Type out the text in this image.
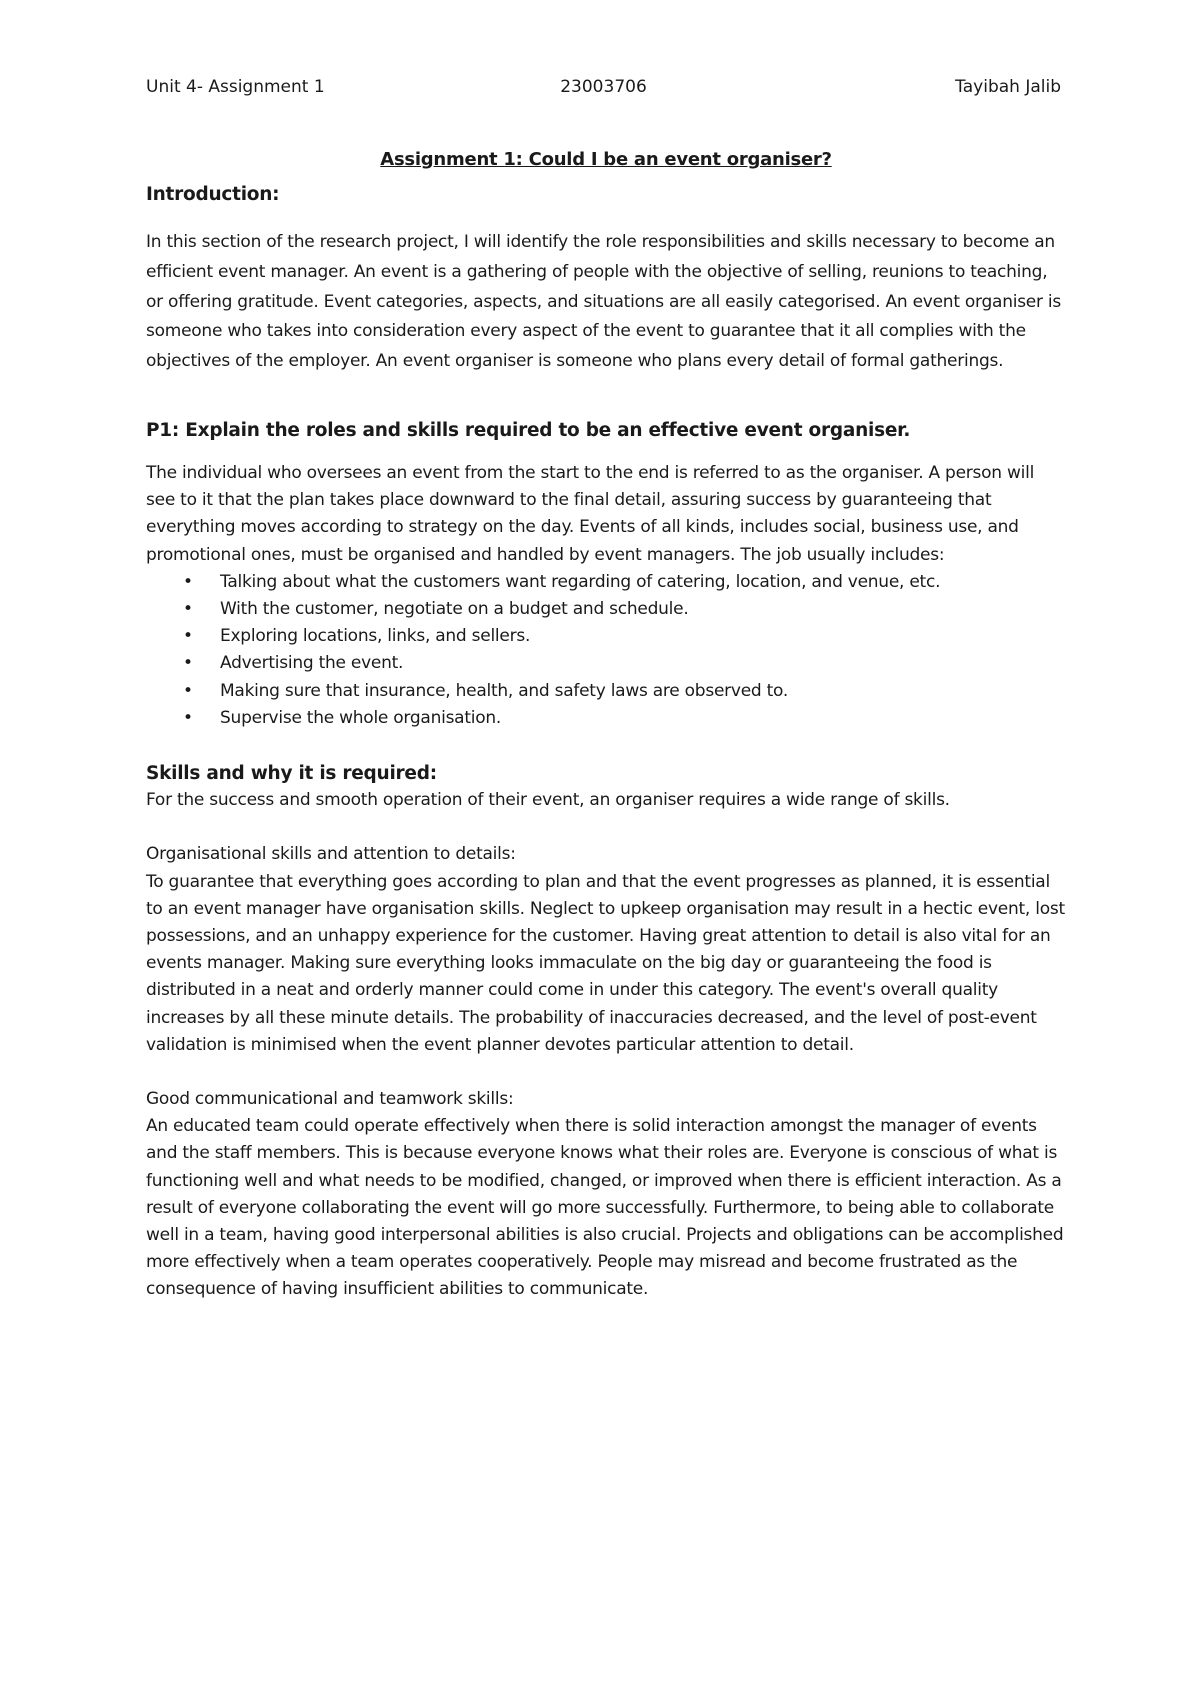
Unit 4- Assignment 1	23003706	Tayibah Jalib
Assignment 1: Could I be an event organiser?
Introduction:

In this section of the research project, I will identify the role responsibilities and skills necessary to become an efficient event manager. An event is a gathering of people with the objective of selling, reunions to teaching, or offering gratitude. Event categories, aspects, and situations are all easily categorised. An event organiser is someone who takes into consideration every aspect of the event to guarantee that it all complies with the objectives of the employer. An event organiser is someone who plans every detail of formal gatherings.

P1: Explain the roles and skills required to be an effective event organiser.

The individual who oversees an event from the start to the end is referred to as the organiser. A person will see to it that the plan takes place downward to the final detail, assuring success by guaranteeing that everything moves according to strategy on the day. Events of all kinds, includes social, business use, and promotional ones, must be organised and handled by event managers. The job usually includes:

• Talking about what the customers want regarding of catering, location, and venue, etc.
• With the customer, negotiate on a budget and schedule.
• Exploring locations, links, and sellers.
• Advertising the event.
• Making sure that insurance, health, and safety laws are observed to.
• Supervise the whole organisation.
Skills and why it is required:

For the success and smooth operation of their event, an organiser requires a wide range of skills.

Organisational skills and attention to details:

To guarantee that everything goes according to plan and that the event progresses as planned, it is essential to an event manager have organisation skills. Neglect to upkeep organisation may result in a hectic event, lost possessions, and an unhappy experience for the customer. Having great attention to detail is also vital for an events manager. Making sure everything looks immaculate on the big day or guaranteeing the food is distributed in a neat and orderly manner could come in under this category. The event's overall quality increases by all these minute details. The probability of inaccuracies decreased, and the level of post-event validation is minimised when the event planner devotes particular attention to detail.

Good communicational and teamwork skills:

An educated team could operate effectively when there is solid interaction amongst the manager of events and the staff members. This is because everyone knows what their roles are. Everyone is conscious of what is functioning well and what needs to be modified, changed, or improved when there is efficient interaction. As a result of everyone collaborating the event will go more successfully. Furthermore, to being able to collaborate well in a team, having good interpersonal abilities is also crucial. Projects and obligations can be accomplished more effectively when a team operates cooperatively. People may misread and become frustrated as the consequence of having insufficient abilities to communicate.
